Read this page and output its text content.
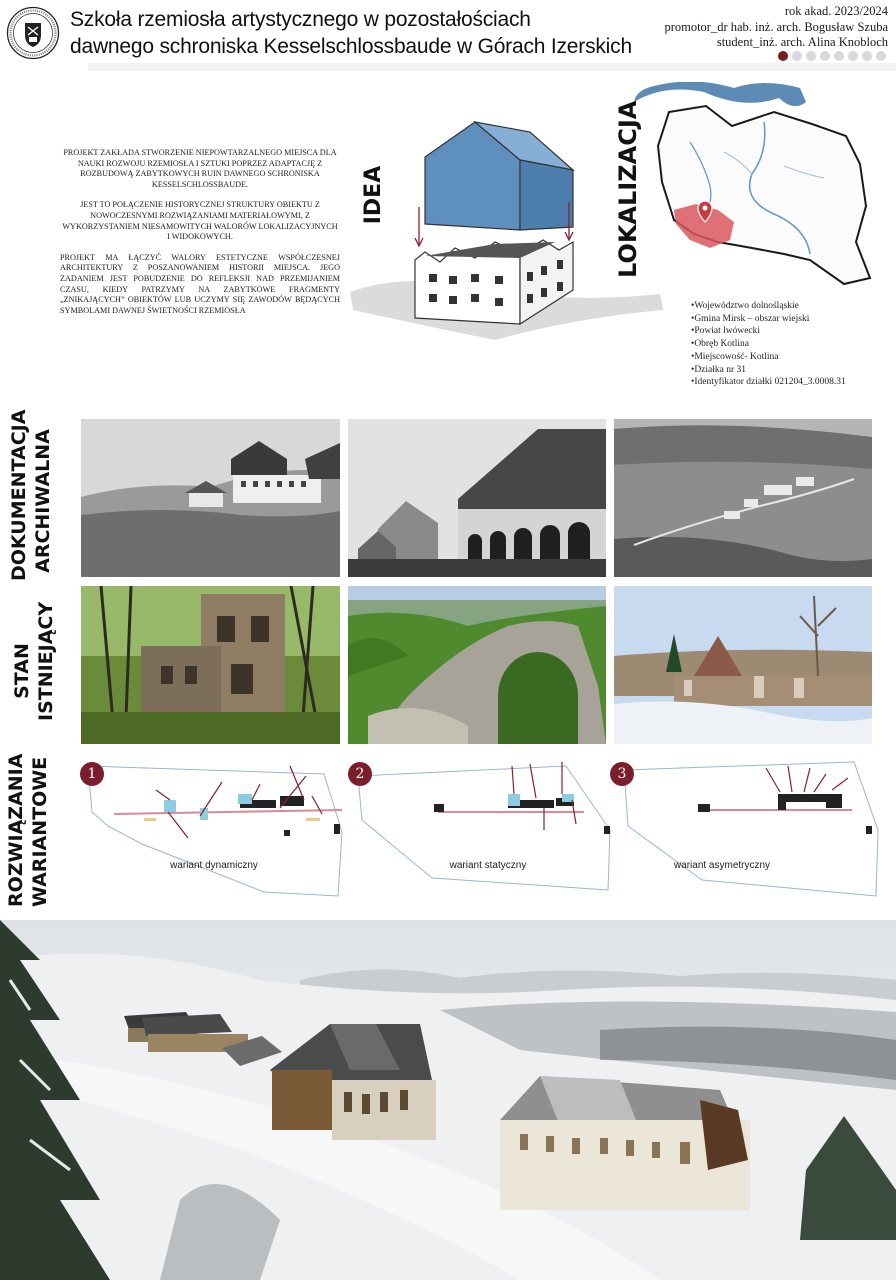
Szkoła rzemiosła artystycznego w pozostałościach
dawnego schroniska Kesselschlossbaude w Górach Izerskich
rok akad. 2023/2024
promotor_dr hab. inż. arch. Bogusław Szuba
student_inż. arch. Alina Knobloch

PROJEKT ZAKŁADA STWORZENIE NIEPOWTARZALNEGO MIEJSCA DLA NAUKI ROZWOJU RZEMIOSŁA I SZTUKI POPRZEZ ADAPTACJĘ Z ROZBUDOWĄ ZABYTKOWYCH RUIN DAWNEGO SCHRONISKA KESSELSCHLOSSBAUDE.

JEST TO POŁĄCZENIE HISTORYCZNEJ STRUKTURY OBIEKTU Z NOWOCZESNYMI ROZWIĄZANIAMI MATERIAŁOWYMI, Z WYKORZYSTANIEM NIESAMOWITYCH WALORÓW LOKALIZACYJNYCH I WIDOKOWYCH.

PROJEKT MA ŁĄCZYĆ WALORY ESTETYCZNE WSPÓŁCZESNEJ ARCHITEKTURY Z POSZANOWANIEM HISTORII MIEJSCA. JEGO ZADANIEM JEST POBUDZENIE DO REFLEKSJI NAD PRZEMIJANIEM CZASU, KIEDY PATRZYMY NA ZABYTKOWE FRAGMENTY „ZNIKAJĄCYCH” OBIEKTÓW LUB UCZYMY SIĘ ZAWODÓW BĘDĄCYCH SYMBOLAMI DAWNEJ ŚWIETNOŚCI RZEMIOSŁA

IDEA	LOKALIZACJA
•Województwo dolnośląskie
•Gmina Mirsk – obszar wiejski
•Powiat lwówecki
•Obręb Kotlina
•Miejscowość- Kotlina
•Działka nr 31
•Identyfikator działki 021204_3.0008.31
DOKUMENTACJA ARCHIWALNA
STAN ISTNIEJĄCY
ROZWIĄZANIA WARIANTOWE	1
wariant dynamiczny
2
wariant statyczny
3
wariant asymetryczny
